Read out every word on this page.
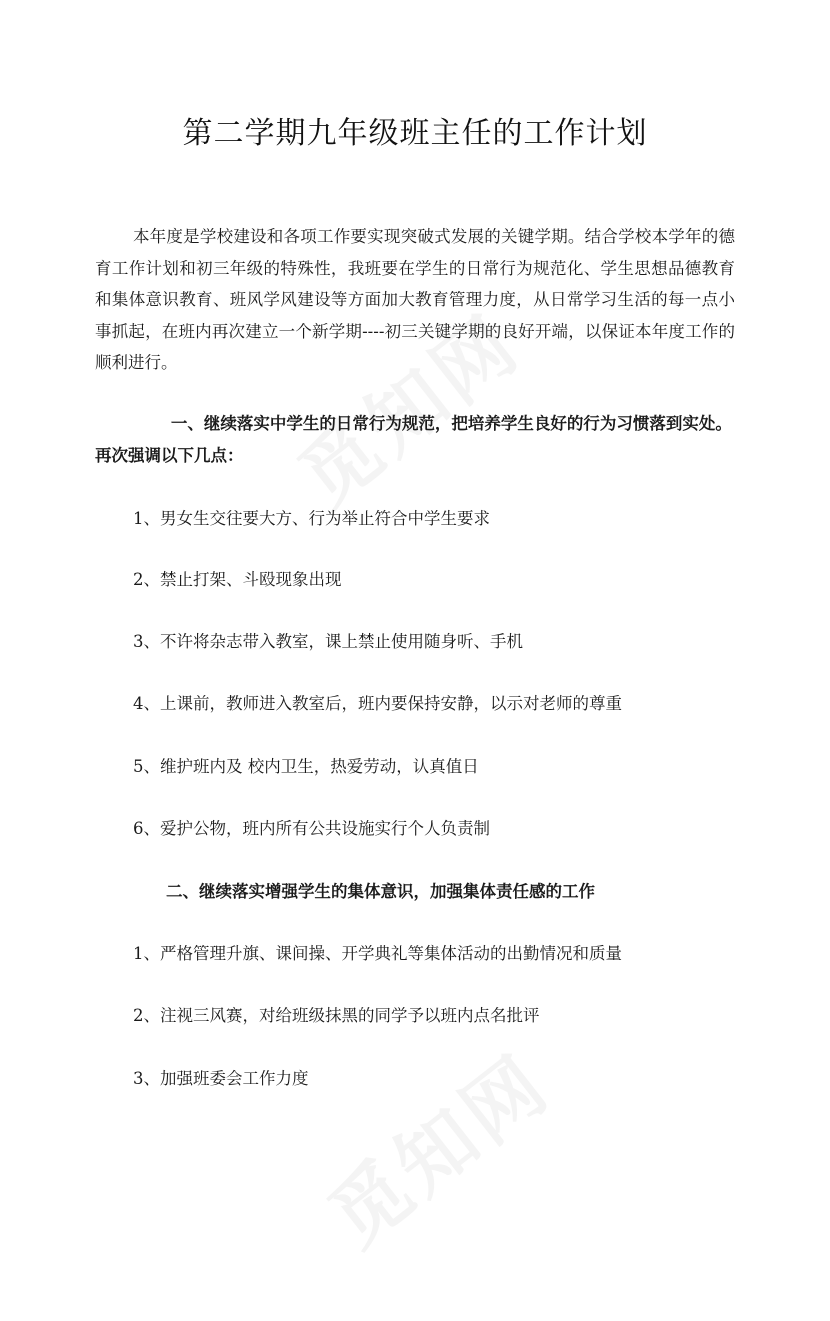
第二学期九年级班主任的工作计划

本年度是学校建设和各项工作要实现突破式发展的关键学期。结合学校本学年的德育工作计划和初三年级的特殊性，我班要在学生的日常行为规范化、学生思想品德教育和集体意识教育、班风学风建设等方面加大教育管理力度，从日常学习生活的每一点小事抓起，在班内再次建立一个新学期----初三关键学期的良好开端，以保证本年度工作的顺利进行。

一、继续落实中学生的日常行为规范，把培养学生良好的行为习惯落到实处。再次强调以下几点：

1、男女生交往要大方、行为举止符合中学生要求

2、禁止打架、斗殴现象出现

3、不许将杂志带入教室，课上禁止使用随身听、手机

4、上课前，教师进入教室后，班内要保持安静，以示对老师的尊重

5、维护班内及 校内卫生，热爱劳动，认真值日

6、爱护公物，班内所有公共设施实行个人负责制

二、继续落实增强学生的集体意识，加强集体责任感的工作

1、严格管理升旗、课间操、开学典礼等集体活动的出勤情况和质量

2、注视三风赛，对给班级抹黑的同学予以班内点名批评

3、加强班委会工作力度
